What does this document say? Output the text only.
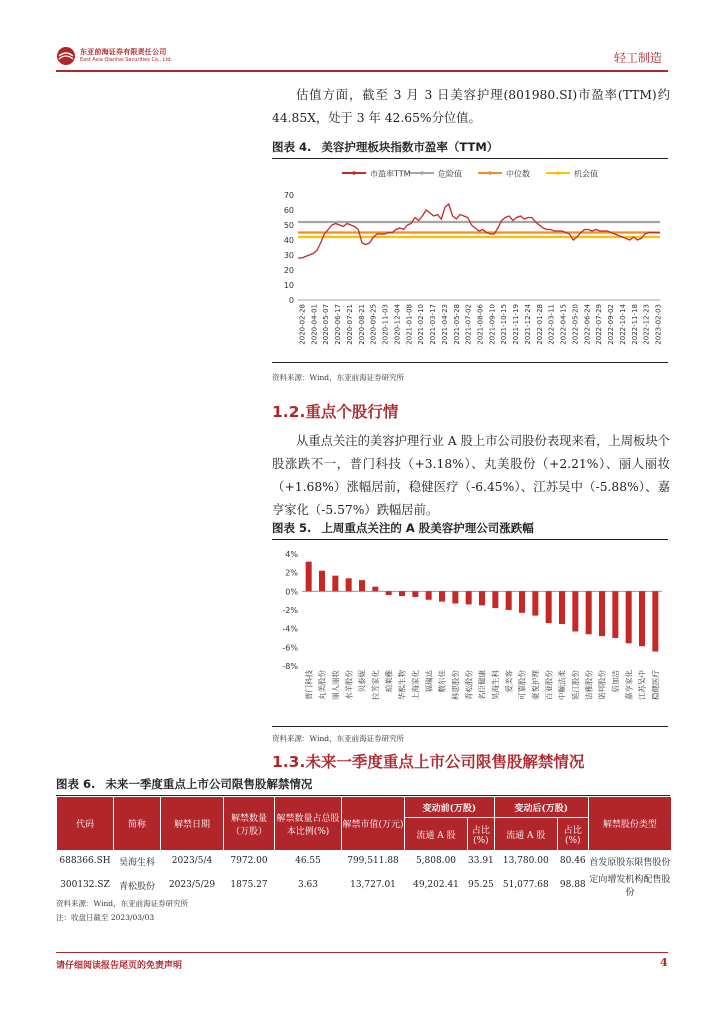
东亚前海证券有限责任公司
East Asia Qianhai Securities Co., Ltd.	轻工制造

估值方面，截至 3 月 3 日美容护理(801980.SI)市盈率(TTM)约 44.85X，处于 3 年 42.65%分位值。

图表 4. 美容护理板块指数市盈率（TTM）
市盈率TTM	危险值	中位数	机会值
0
10
20
30
40
50
60
70
2020-02-28 2020-04-01 2020-05-07 2020-06-17 2020-07-21 2020-08-21 2020-09-25 2020-11-03 2020-12-04 2021-01-08 2021-02-10 2021-03-17 2021-04-23 2021-05-28 2021-07-02 2021-08-06 2021-09-10 2021-10-15 2021-11-19 2021-12-24 2022-01-28 2022-03-11 2022-04-15 2022-05-20 2022-06-24 2022-07-29 2022-09-02 2022-10-14 2022-11-18 2022-12-23 2023-02-03
资料来源：Wind，东亚前海证券研究所
1.2.重点个股行情

从重点关注的美容护理行业 A 股上市公司股份表现来看，上周板块个股涨跌不一，普门科技（+3.18%）、丸美股份（+2.21%）、丽人丽妆（+1.68%）涨幅居前，稳健医疗（-6.45%）、江苏吴中（-5.88%）、嘉亨家化（-5.57%）跌幅居前。

图表 5. 上周重点关注的 A 股美容护理公司涨跌幅
4%
2%
0%
-2%
-4%
-6%
-8%
普门科技 丸美股份 丽人丽妆 水羊股份 贝泰妮 拉芳家化 珀莱雅 华熙生物 上海家化 福瑞达 敷尔佳 科思股份 青松股份 名臣健康 昊海生科 爱美客 可靠股份 豪悦护理 百亚股份 中顺洁柔 延江股份 洁雅股份 诺邦股份 倍加洁 嘉亨家化 江苏吴中 稳健医疗
资料来源：Wind，东亚前海证券研究所
1.3.未来一季度重点上市公司限售股解禁情况
图表 6. 未来一季度重点上市公司限售股解禁情况
代码	简称	解禁日期	解禁数量（万股）	解禁数量占总股本比例(%)	解禁市值(万元)	变动前(万股)		变动后(万股)		解禁股份类型
						流通 A 股	占比(%)	流通 A 股	占比(%)	
688366.SH	昊海生科	2023/5/4	7972.00	46.55	799,511.88	5,808.00	33.91	13,780.00	80.46	首发原股东限售股份
300132.SZ	青松股份	2023/5/29	1875.27	3.63	13,727.01	49,202.41	95.25	51,077.68	98.88	定向增发机构配售股份
资料来源：Wind，东亚前海证券研究所
注：收盘日截至 2023/03/03
请仔细阅读报告尾页的免责声明	4
